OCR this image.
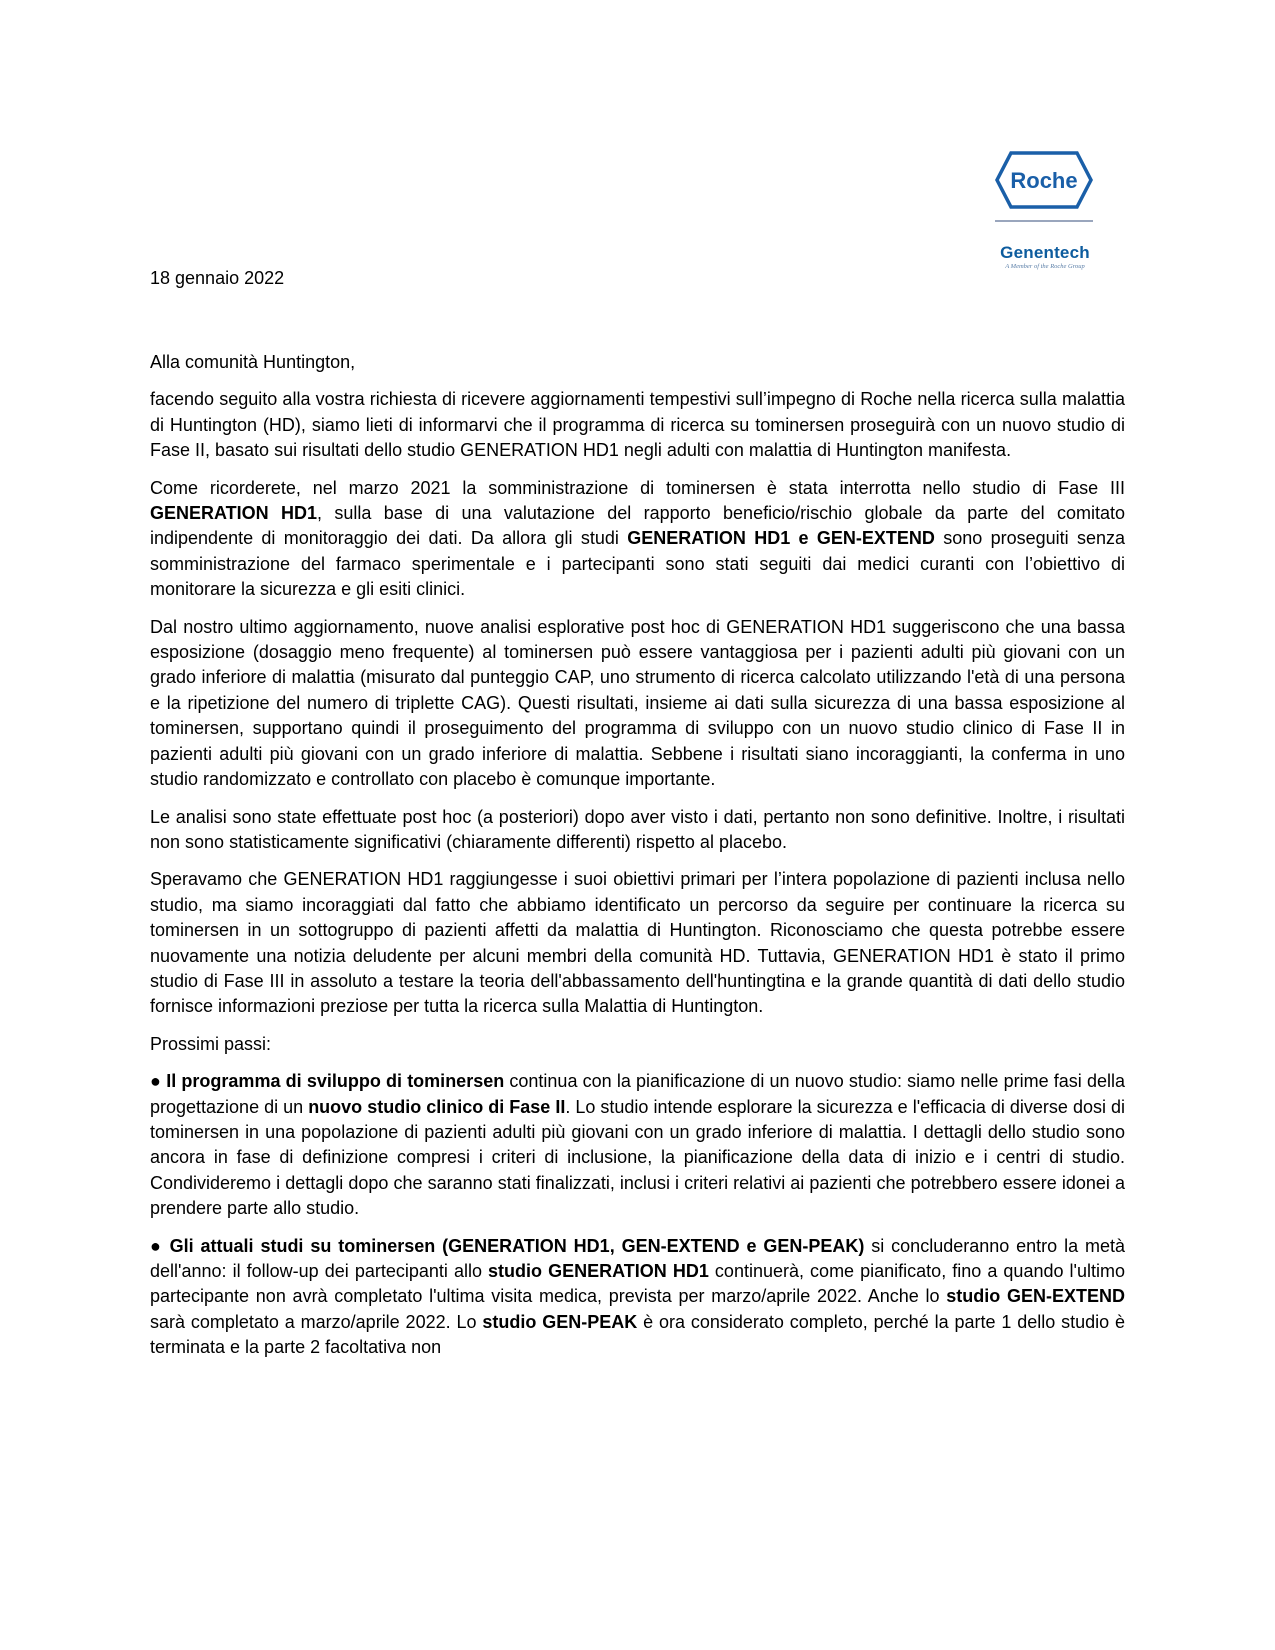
Roche
Genentech
A Member of the Roche Group
18 gennaio 2022

Alla comunità Huntington,

facendo seguito alla vostra richiesta di ricevere aggiornamenti tempestivi sull’impegno di Roche nella ricerca sulla malattia di Huntington (HD), siamo lieti di informarvi che il programma di ricerca su tominersen proseguirà con un nuovo studio di Fase II, basato sui risultati dello studio GENERATION HD1 negli adulti con malattia di Huntington manifesta.

Come ricorderete, nel marzo 2021 la somministrazione di tominersen è stata interrotta nello studio di Fase III GENERATION HD1, sulla base di una valutazione del rapporto beneficio/rischio globale da parte del comitato indipendente di monitoraggio dei dati. Da allora gli studi GENERATION HD1 e GEN-EXTEND sono proseguiti senza somministrazione del farmaco sperimentale e i partecipanti sono stati seguiti dai medici curanti con l’obiettivo di monitorare la sicurezza e gli esiti clinici.

Dal nostro ultimo aggiornamento, nuove analisi esplorative post hoc di GENERATION HD1 suggeriscono che una bassa esposizione (dosaggio meno frequente) al tominersen può essere vantaggiosa per i pazienti adulti più giovani con un grado inferiore di malattia (misurato dal punteggio CAP, uno strumento di ricerca calcolato utilizzando l'età di una persona e la ripetizione del numero di triplette CAG). Questi risultati, insieme ai dati sulla sicurezza di una bassa esposizione al tominersen, supportano quindi il proseguimento del programma di sviluppo con un nuovo studio clinico di Fase II in pazienti adulti più giovani con un grado inferiore di malattia. Sebbene i risultati siano incoraggianti, la conferma in uno studio randomizzato e controllato con placebo è comunque importante.

Le analisi sono state effettuate post hoc (a posteriori) dopo aver visto i dati, pertanto non sono definitive. Inoltre, i risultati non sono statisticamente significativi (chiaramente differenti) rispetto al placebo.

Speravamo che GENERATION HD1 raggiungesse i suoi obiettivi primari per l’intera popolazione di pazienti inclusa nello studio, ma siamo incoraggiati dal fatto che abbiamo identificato un percorso da seguire per continuare la ricerca su tominersen in un sottogruppo di pazienti affetti da malattia di Huntington. Riconosciamo che questa potrebbe essere nuovamente una notizia deludente per alcuni membri della comunità HD. Tuttavia, GENERATION HD1 è stato il primo studio di Fase III in assoluto a testare la teoria dell'abbassamento dell'huntingtina e la grande quantità di dati dello studio fornisce informazioni preziose per tutta la ricerca sulla Malattia di Huntington.

Prossimi passi:

● Il programma di sviluppo di tominersen continua con la pianificazione di un nuovo studio: siamo nelle prime fasi della progettazione di un nuovo studio clinico di Fase II. Lo studio intende esplorare la sicurezza e l'efficacia di diverse dosi di tominersen in una popolazione di pazienti adulti più giovani con un grado inferiore di malattia. I dettagli dello studio sono ancora in fase di definizione compresi i criteri di inclusione, la pianificazione della data di inizio e i centri di studio. Condivideremo i dettagli dopo che saranno stati finalizzati, inclusi i criteri relativi ai pazienti che potrebbero essere idonei a prendere parte allo studio.

● Gli attuali studi su tominersen (GENERATION HD1, GEN-EXTEND e GEN-PEAK) si concluderanno entro la metà dell'anno: il follow-up dei partecipanti allo studio GENERATION HD1 continuerà, come pianificato, fino a quando l'ultimo partecipante non avrà completato l'ultima visita medica, prevista per marzo/aprile 2022. Anche lo studio GEN-EXTEND sarà completato a marzo/aprile 2022. Lo studio GEN-PEAK è ora considerato completo, perché la parte 1 dello studio è terminata e la parte 2 facoltativa non
